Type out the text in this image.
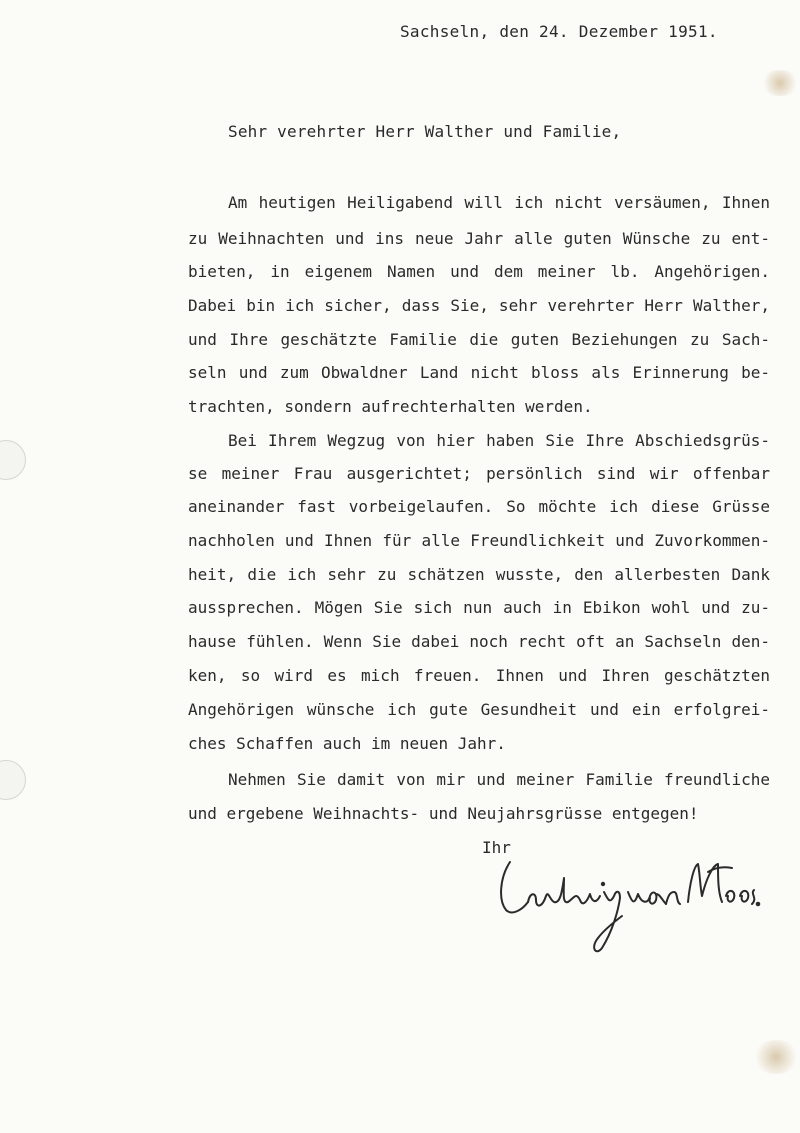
Sachseln, den 24. Dezember 1951.
Sehr verehrter Herr Walther und Familie,
Am heutigen Heiligabend will ich nicht versäumen, Ihnen
zu Weihnachten und ins neue Jahr alle guten Wünsche zu ent-
bieten, in eigenem Namen und dem meiner lb. Angehörigen.
Dabei bin ich sicher, dass Sie, sehr verehrter Herr Walther,
und Ihre geschätzte Familie die guten Beziehungen zu Sach-
seln und zum Obwaldner Land nicht bloss als Erinnerung be-
trachten, sondern aufrechterhalten werden.
Bei Ihrem Wegzug von hier haben Sie Ihre Abschiedsgrüs-
se meiner Frau ausgerichtet; persönlich sind wir offenbar
aneinander fast vorbeigelaufen. So möchte ich diese Grüsse
nachholen und Ihnen für alle Freundlichkeit und Zuvorkommen-
heit, die ich sehr zu schätzen wusste, den allerbesten Dank
aussprechen. Mögen Sie sich nun auch in Ebikon wohl und zu-
hause fühlen. Wenn Sie dabei noch recht oft an Sachseln den-
ken, so wird es mich freuen. Ihnen und Ihren geschätzten
Angehörigen wünsche ich gute Gesundheit und ein erfolgrei-
ches Schaffen auch im neuen Jahr.
Nehmen Sie damit von mir und meiner Familie freundliche
und ergebene Weihnachts- und Neujahrsgrüsse entgegen!
Ihr
